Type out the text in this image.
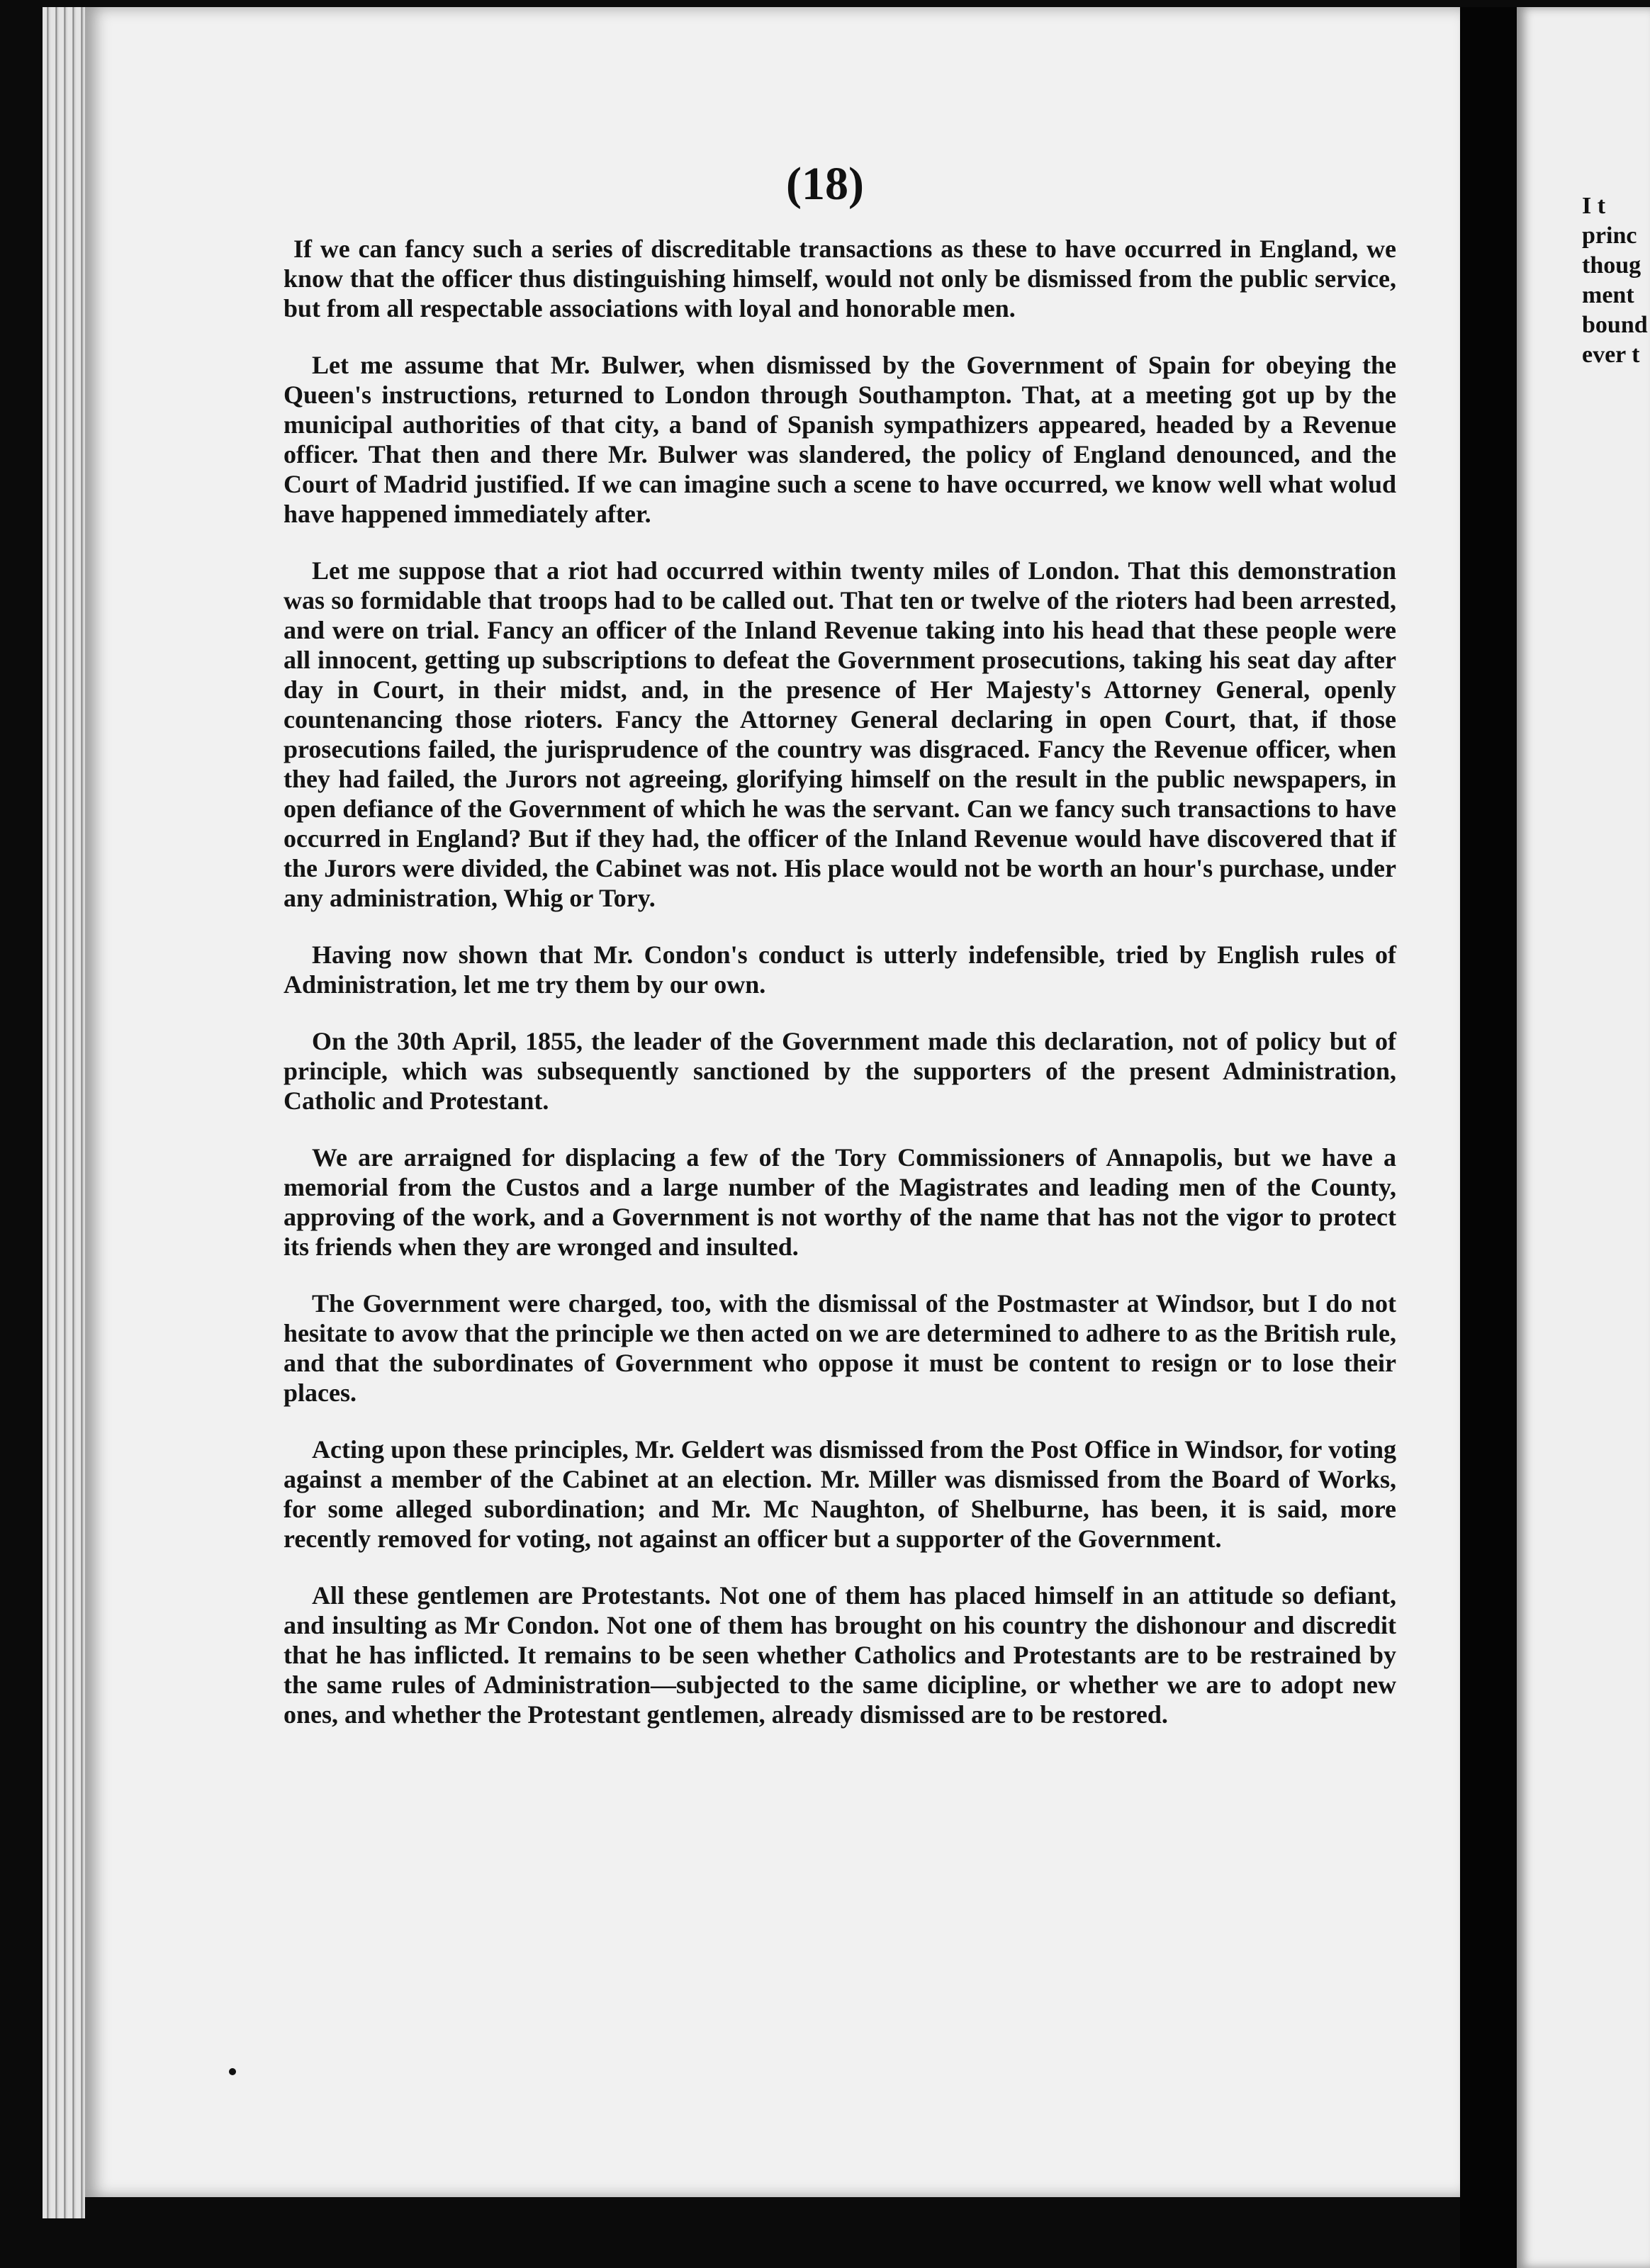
I t
princ
thoug
ment
bound
ever t
(18)

If we can fancy such a series of discreditable transactions as these to have occurred in England, we know that the officer thus distinguishing himself, would not only be dismissed from the public service, but from all respectable associations with loyal and honorable men.

Let me assume that Mr. Bulwer, when dismissed by the Government of Spain for obeying the Queen's instructions, returned to London through Southampton. That, at a meeting got up by the municipal authorities of that city, a band of Spanish sympathizers appeared, headed by a Revenue officer. That then and there Mr. Bulwer was slandered, the policy of England denounced, and the Court of Madrid justified. If we can imagine such a scene to have occurred, we know well what wolud have happened immediately after.

Let me suppose that a riot had occurred within twenty miles of London. That this demonstration was so formidable that troops had to be called out. That ten or twelve of the rioters had been arrested, and were on trial. Fancy an officer of the Inland Revenue taking into his head that these people were all innocent, getting up subscriptions to defeat the Government prosecutions, taking his seat day after day in Court, in their midst, and, in the presence of Her Majesty's Attorney General, openly countenancing those rioters. Fancy the Attorney General declaring in open Court, that, if those prosecutions failed, the jurisprudence of the country was disgraced. Fancy the Revenue officer, when they had failed, the Jurors not agreeing, glorifying himself on the result in the public newspapers, in open defiance of the Government of which he was the servant. Can we fancy such transactions to have occurred in England? But if they had, the officer of the Inland Revenue would have discovered that if the Jurors were divided, the Cabinet was not. His place would not be worth an hour's purchase, under any administration, Whig or Tory.

Having now shown that Mr. Condon's conduct is utterly indefensible, tried by English rules of Administration, let me try them by our own.

On the 30th April, 1855, the leader of the Government made this declaration, not of policy but of principle, which was subsequently sanctioned by the supporters of the present Administration, Catholic and Protestant.

We are arraigned for displacing a few of the Tory Commissioners of Annapolis, but we have a memorial from the Custos and a large number of the Magistrates and leading men of the County, approving of the work, and a Government is not worthy of the name that has not the vigor to protect its friends when they are wronged and insulted.

The Government were charged, too, with the dismissal of the Postmaster at Windsor, but I do not hesitate to avow that the principle we then acted on we are determined to adhere to as the British rule, and that the subordinates of Government who oppose it must be content to resign or to lose their places.

Acting upon these principles, Mr. Geldert was dismissed from the Post Office in Windsor, for voting against a member of the Cabinet at an election. Mr. Miller was dismissed from the Board of Works, for some alleged subordination; and Mr. Mc Naughton, of Shelburne, has been, it is said, more recently removed for voting, not against an officer but a supporter of the Government.

All these gentlemen are Protestants. Not one of them has placed himself in an attitude so defiant, and insulting as Mr Condon. Not one of them has brought on his country the dishonour and discredit that he has inflicted. It remains to be seen whether Catholics and Protestants are to be restrained by the same rules of Administration—subjected to the same dicipline, or whether we are to adopt new ones, and whether the Protestant gentlemen, already dismissed are to be restored.
